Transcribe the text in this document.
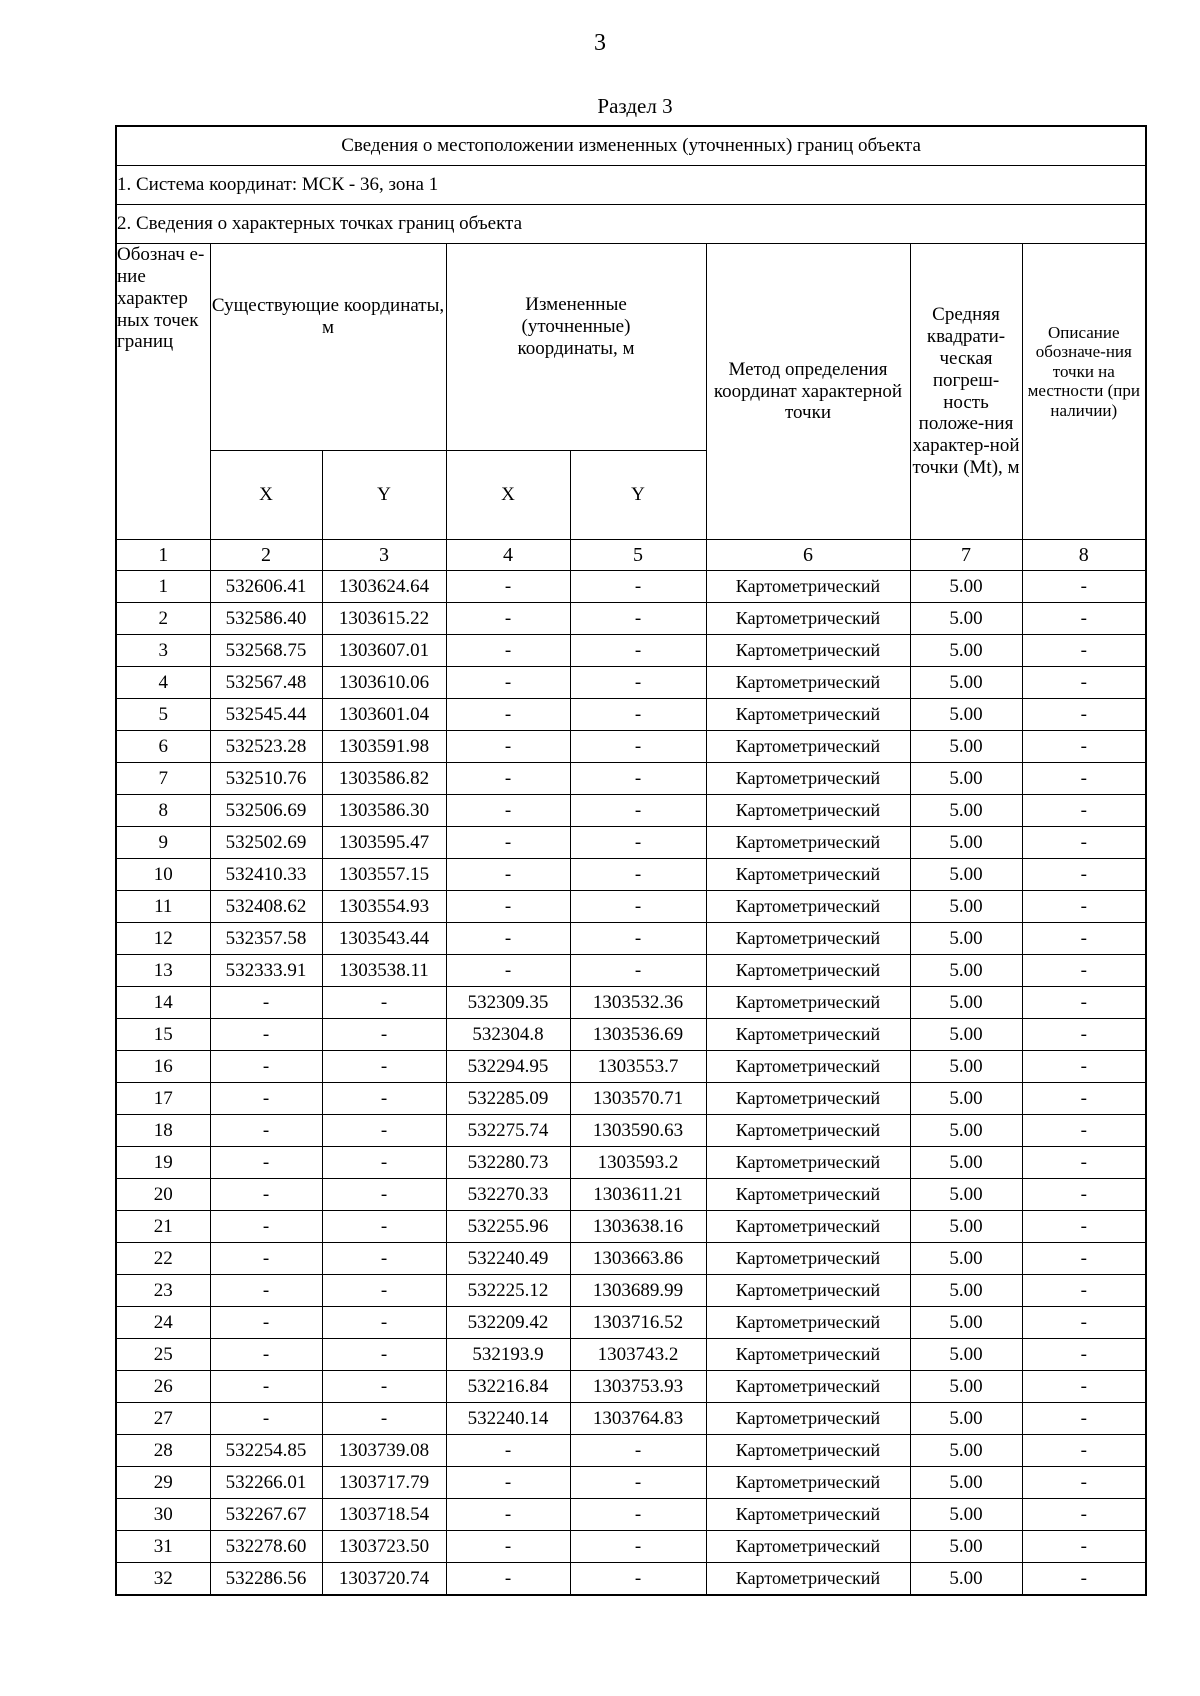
3
Раздел 3
Сведения о местоположении измененных (уточненных) границ объекта							
1. Система координат: МСК - 36, зона 1							
2. Сведения о характерных точках границ объекта							
Обознач е-ние характер ных точек границ	Существующие координаты, м		Измененные (уточненные) координаты, м		Метод определения координат характерной точки	Средняя квадрати-ческая погреш-ность положе-ния характер-ной точки (Mt), м	Описание обозначе-ния точки на местности (при наличии)
	X	Y	X	Y			
1	2	3	4	5	6	7	8
1	532606.41	1303624.64	-	-	Картометрический	5.00	-
2	532586.40	1303615.22	-	-	Картометрический	5.00	-
3	532568.75	1303607.01	-	-	Картометрический	5.00	-
4	532567.48	1303610.06	-	-	Картометрический	5.00	-
5	532545.44	1303601.04	-	-	Картометрический	5.00	-
6	532523.28	1303591.98	-	-	Картометрический	5.00	-
7	532510.76	1303586.82	-	-	Картометрический	5.00	-
8	532506.69	1303586.30	-	-	Картометрический	5.00	-
9	532502.69	1303595.47	-	-	Картометрический	5.00	-
10	532410.33	1303557.15	-	-	Картометрический	5.00	-
11	532408.62	1303554.93	-	-	Картометрический	5.00	-
12	532357.58	1303543.44	-	-	Картометрический	5.00	-
13	532333.91	1303538.11	-	-	Картометрический	5.00	-
14	-	-	532309.35	1303532.36	Картометрический	5.00	-
15	-	-	532304.8	1303536.69	Картометрический	5.00	-
16	-	-	532294.95	1303553.7	Картометрический	5.00	-
17	-	-	532285.09	1303570.71	Картометрический	5.00	-
18	-	-	532275.74	1303590.63	Картометрический	5.00	-
19	-	-	532280.73	1303593.2	Картометрический	5.00	-
20	-	-	532270.33	1303611.21	Картометрический	5.00	-
21	-	-	532255.96	1303638.16	Картометрический	5.00	-
22	-	-	532240.49	1303663.86	Картометрический	5.00	-
23	-	-	532225.12	1303689.99	Картометрический	5.00	-
24	-	-	532209.42	1303716.52	Картометрический	5.00	-
25	-	-	532193.9	1303743.2	Картометрический	5.00	-
26	-	-	532216.84	1303753.93	Картометрический	5.00	-
27	-	-	532240.14	1303764.83	Картометрический	5.00	-
28	532254.85	1303739.08	-	-	Картометрический	5.00	-
29	532266.01	1303717.79	-	-	Картометрический	5.00	-
30	532267.67	1303718.54	-	-	Картометрический	5.00	-
31	532278.60	1303723.50	-	-	Картометрический	5.00	-
32	532286.56	1303720.74	-	-	Картометрический	5.00	-
